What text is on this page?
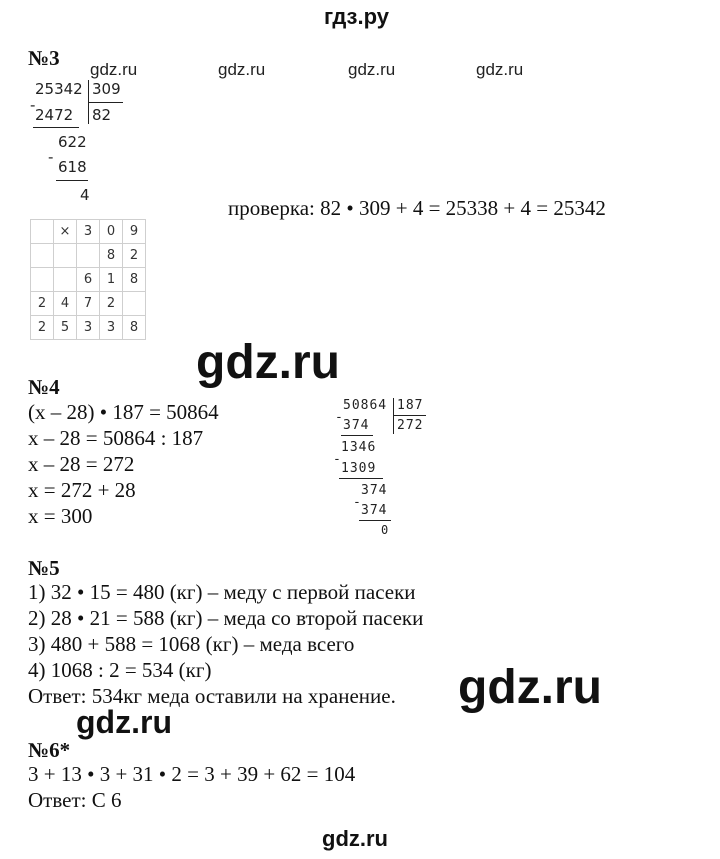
гдз.ру
№3 gdz.ru	gdz.ru	gdz.ru	gdz.ru
25342 309
-
2472 82
622
-
618
4
проверка: 82 • 309 + 4 = 25338 + 4 = 25342
	×	3	0	9
			8	2
		6	1	8
2	4	7	2	
2	5	3	3	8
gdz.ru
№4
(x – 28) • 187 = 50864
x – 28 = 50864 : 187
x – 28 = 272
x = 272 + 28
x = 300
50864 187
-
374 272
1346
-
1309
374
-
374
0
№5
1) 32 • 15 = 480 (кг) – меду с первой пасеки
2) 28 • 21 = 588 (кг) – меда со второй пасеки
3) 480 + 588 = 1068 (кг) – меда всего
4) 1068 : 2 = 534 (кг)
Ответ: 534кг меда оставили на хранение. gdz.ru
gdz.ru
№6*
3 + 13 • 3 + 31 • 2 = 3 + 39 + 62 = 104
Ответ: С 6
gdz.ru
